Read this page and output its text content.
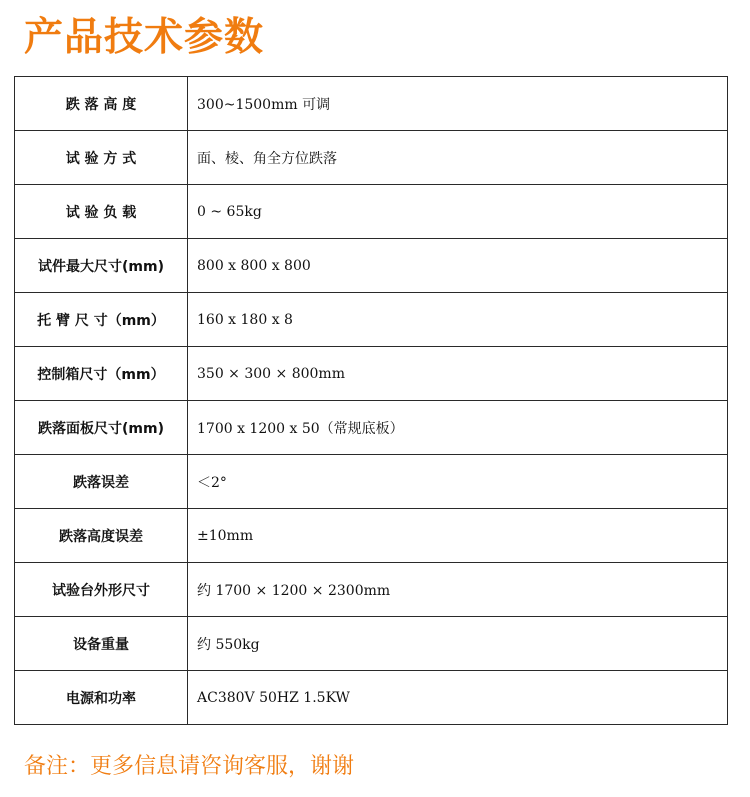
产品技术参数
跌 落 高 度	300~1500mm 可调
试 验 方 式	面、棱、角全方位跌落
试 验 负 载	0 ~ 65kg
试件最大尺寸(mm)	800 x 800 x 800
托 臂 尺 寸（mm）	160 x 180 x 8
控制箱尺寸（mm）	350 × 300 × 800mm
跌落面板尺寸(mm)	1700 x 1200 x 50（常规底板）
跌落误差	＜2°
跌落高度误差	±10mm
试验台外形尺寸	约 1700 × 1200 × 2300mm
设备重量	约 550kg
电源和功率	AC380V 50HZ 1.5KW

备注：更多信息请咨询客服，谢谢
